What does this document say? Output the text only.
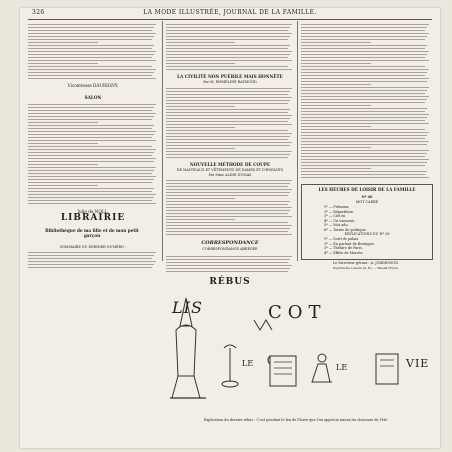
326	LA MODE ILLUSTRÉE, JOURNAL DE LA FAMILLE.
Vicomtesse DAURIGNY.
SALON
Julie de NOLL.
LIBRAIRIE
Bibliothèque de ma fille et de mon petit garçon
SOMMAIRE DU DERNIER NUMÉRO :
LA CIVILITÉ NON PUÉRILE MAIS HONNÊTE
Par M. EMMELINE RAYMOND
NOUVELLE MÉTHODE DE COUPE
DE MANTEAUX ET VÊTEMENTS DE DAMES ET D'ENFANTS
Par Mme ALINE DUMAS
CORRESPONDANCE
CORRESPONDANCE ABRÉGÉE
LES HEURES DE LOISIR DE LA FAMILLE
Nº 40
MOT CARRÉ
1º — Prénoms.
2º — Répartition.
3º — Ciel en
4º — Un vaisseau.
5º — Mot ado.
6º — Terme de politique.
EXPLICATIONS DU Nº 38
1º — Sorti de palais.
2º — En parlant de Bretagne.
3º — Théâtre de Paris.
4º — Effets de Marsée.
Le Directeur-gérant : A. JORDENSON.
Imprimerie Lahure (S. R.) — Mesnil (Eure).
RÉBUS
LIS	COT
LE	LE	VIE
Explication du dernier rébus : C'est pendant le feu de l'hiver que l'on apprécie mieux les douceurs de l'été.
